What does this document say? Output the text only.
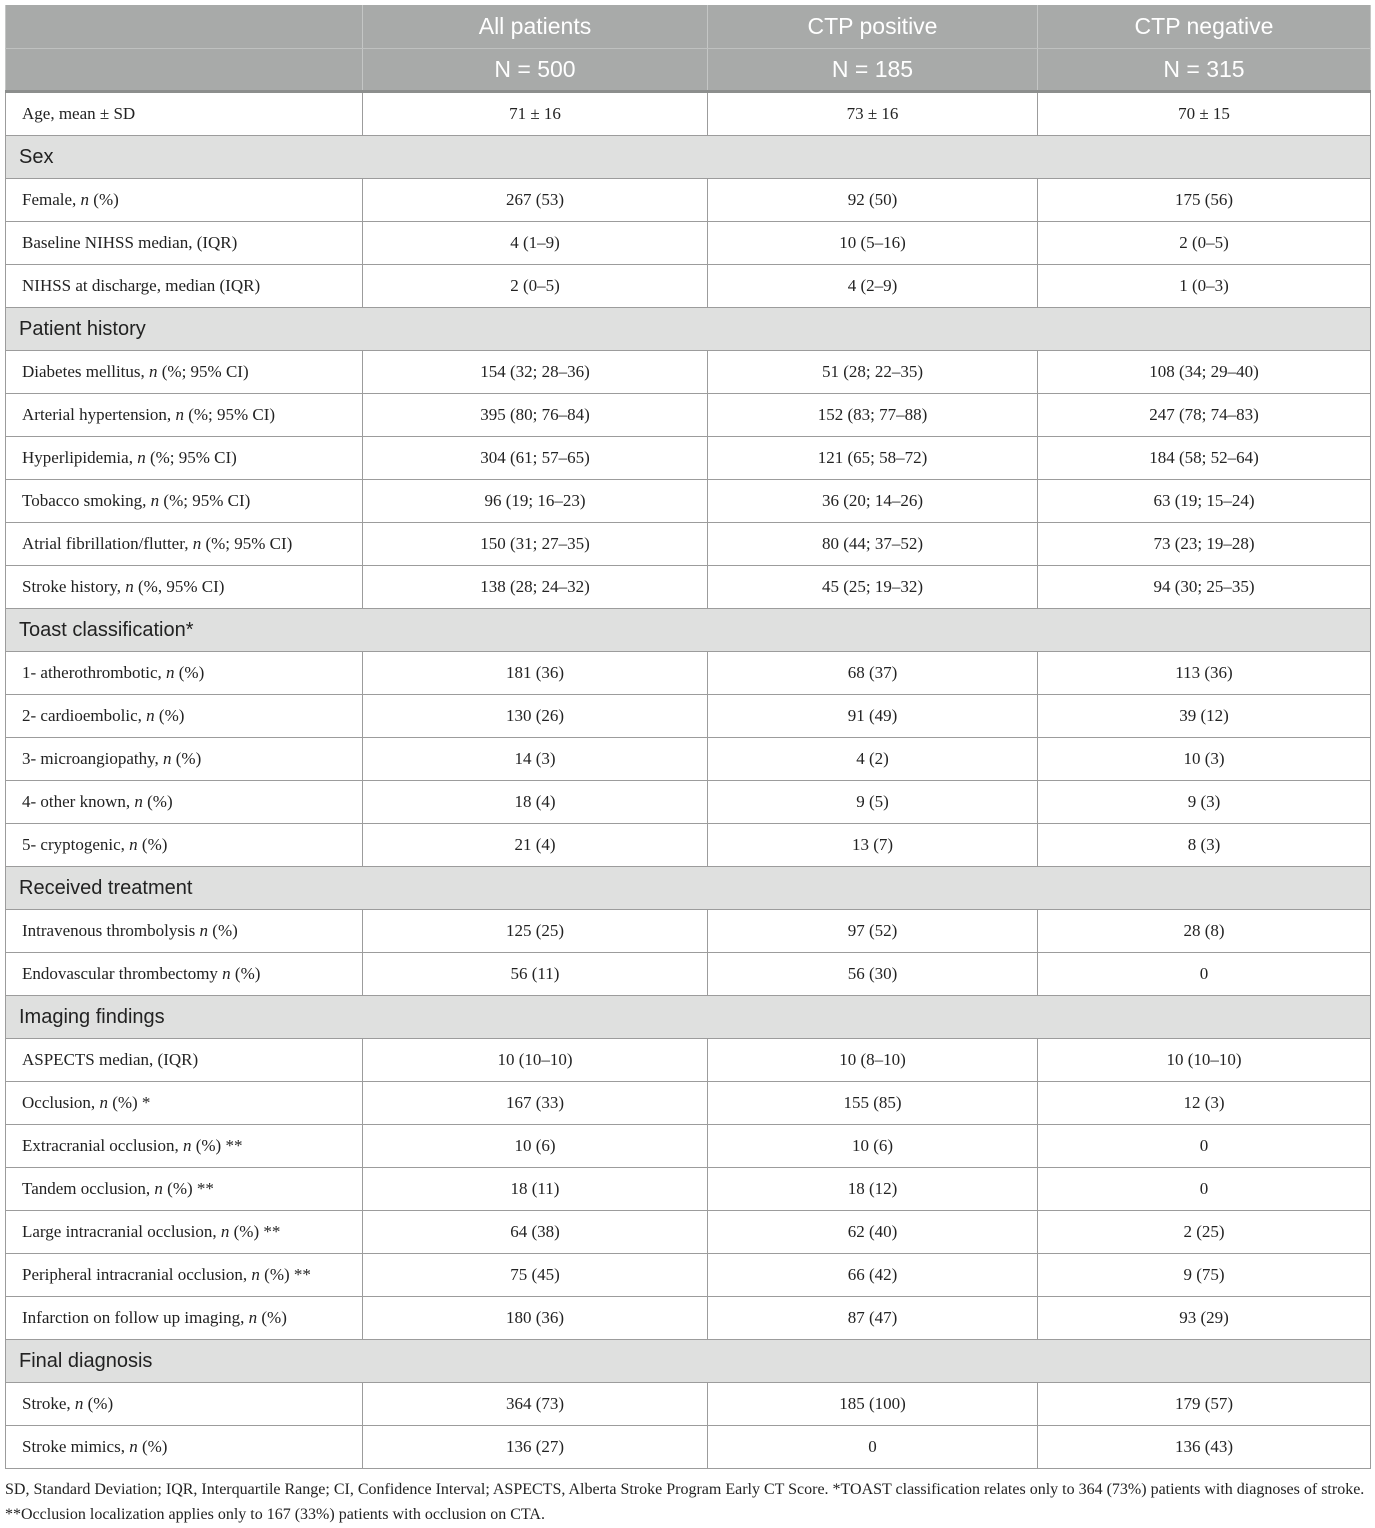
	All patients	CTP positive	CTP negative
	N = 500	N = 185	N = 315
Age, mean ± SD	71 ± 16	73 ± 16	70 ± 15
Sex			
Female, n (%)	267 (53)	92 (50)	175 (56)
Baseline NIHSS median, (IQR)	4 (1–9)	10 (5–16)	2 (0–5)
NIHSS at discharge, median (IQR)	2 (0–5)	4 (2–9)	1 (0–3)
Patient history			
Diabetes mellitus, n (%; 95% CI)	154 (32; 28–36)	51 (28; 22–35)	108 (34; 29–40)
Arterial hypertension, n (%; 95% CI)	395 (80; 76–84)	152 (83; 77–88)	247 (78; 74–83)
Hyperlipidemia, n (%; 95% CI)	304 (61; 57–65)	121 (65; 58–72)	184 (58; 52–64)
Tobacco smoking, n (%; 95% CI)	96 (19; 16–23)	36 (20; 14–26)	63 (19; 15–24)
Atrial fibrillation/flutter, n (%; 95% CI)	150 (31; 27–35)	80 (44; 37–52)	73 (23; 19–28)
Stroke history, n (%, 95% CI)	138 (28; 24–32)	45 (25; 19–32)	94 (30; 25–35)
Toast classification*			
1- atherothrombotic, n (%)	181 (36)	68 (37)	113 (36)
2- cardioembolic, n (%)	130 (26)	91 (49)	39 (12)
3- microangiopathy, n (%)	14 (3)	4 (2)	10 (3)
4- other known, n (%)	18 (4)	9 (5)	9 (3)
5- cryptogenic, n (%)	21 (4)	13 (7)	8 (3)
Received treatment			
Intravenous thrombolysis n (%)	125 (25)	97 (52)	28 (8)
Endovascular thrombectomy n (%)	56 (11)	56 (30)	0
Imaging findings			
ASPECTS median, (IQR)	10 (10–10)	10 (8–10)	10 (10–10)
Occlusion, n (%) *	167 (33)	155 (85)	12 (3)
Extracranial occlusion, n (%) **	10 (6)	10 (6)	0
Tandem occlusion, n (%) **	18 (11)	18 (12)	0
Large intracranial occlusion, n (%) **	64 (38)	62 (40)	2 (25)
Peripheral intracranial occlusion, n (%) **	75 (45)	66 (42)	9 (75)
Infarction on follow up imaging, n (%)	180 (36)	87 (47)	93 (29)
Final diagnosis			
Stroke, n (%)	364 (73)	185 (100)	179 (57)
Stroke mimics, n (%)	136 (27)	0	136 (43)
SD, Standard Deviation; IQR, Interquartile Range; CI, Confidence Interval; ASPECTS, Alberta Stroke Program Early CT Score. *TOAST classification relates only to 364 (73%) patients with diagnoses of stroke. **Occlusion localization applies only to 167 (33%) patients with occlusion on CTA.
